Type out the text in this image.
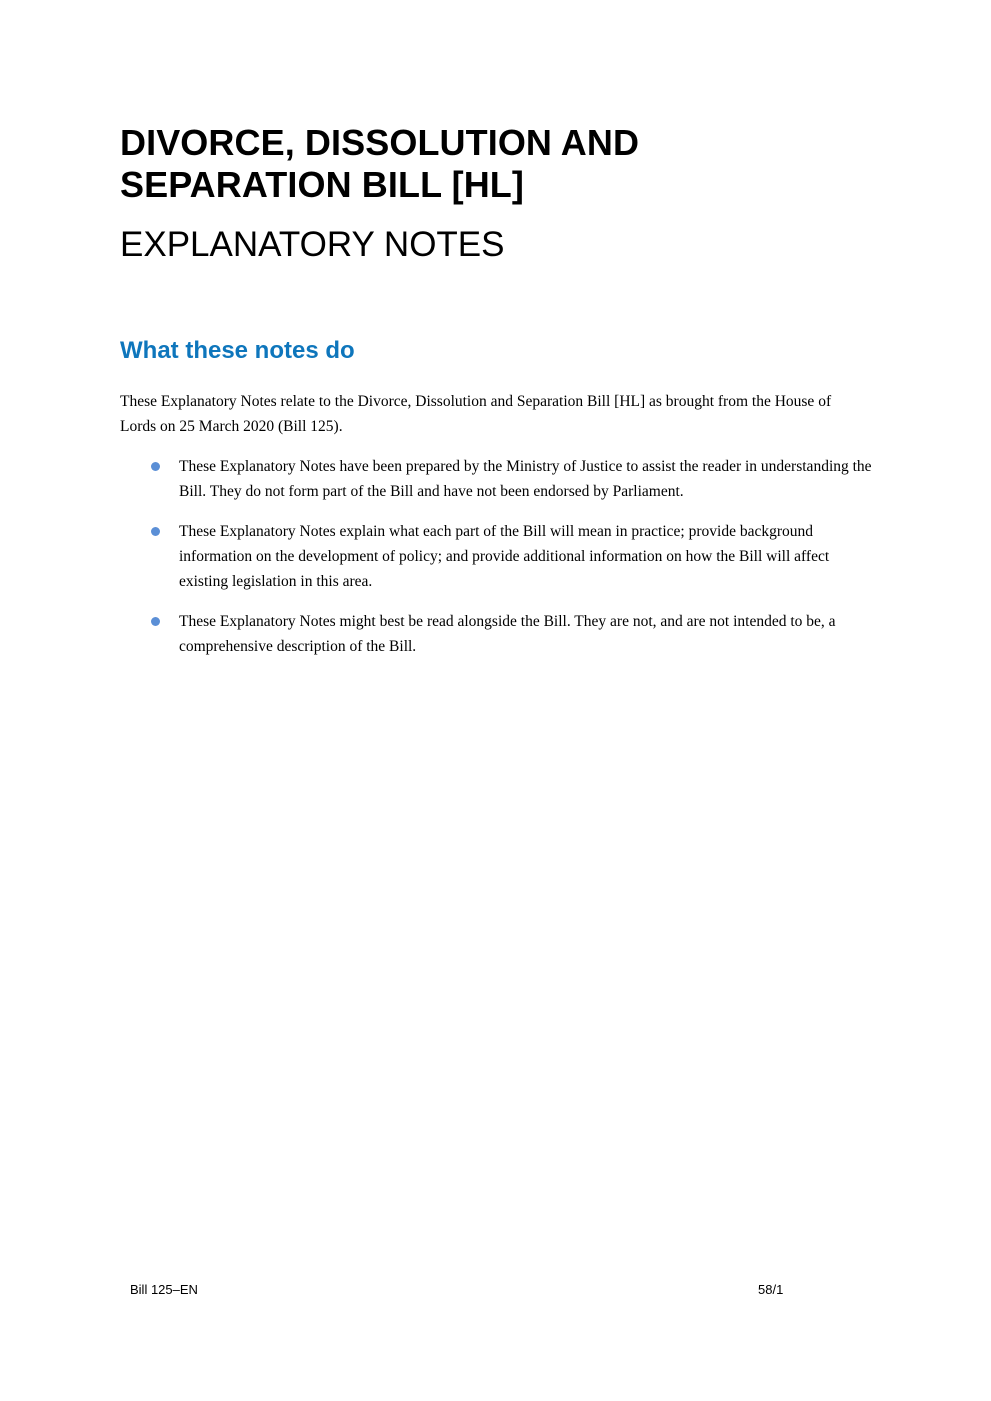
DIVORCE, DISSOLUTION AND SEPARATION BILL [HL]
EXPLANATORY NOTES
What these notes do

These Explanatory Notes relate to the Divorce, Dissolution and Separation Bill [HL] as brought from the House of Lords on 25 March 2020 (Bill 125).

These Explanatory Notes have been prepared by the Ministry of Justice to assist the reader in understanding the Bill. They do not form part of the Bill and have not been endorsed by Parliament.
These Explanatory Notes explain what each part of the Bill will mean in practice; provide background information on the development of policy; and provide additional information on how the Bill will affect existing legislation in this area.
These Explanatory Notes might best be read alongside the Bill. They are not, and are not intended to be, a comprehensive description of the Bill.
Bill 125–EN	58/1
